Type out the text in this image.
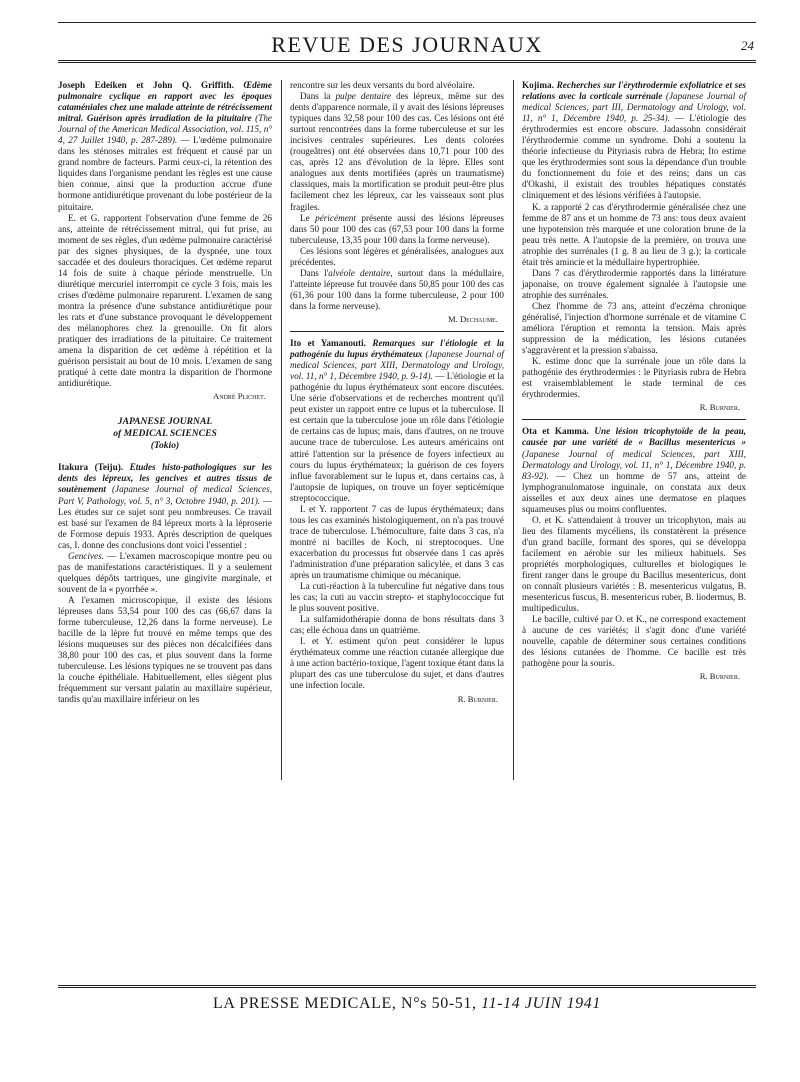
REVUE DES JOURNAUX	24

Joseph Edeiken et John Q. Griffith. Œdème pulmonaire cyclique en rapport avec les époques cataméniales chez une malade atteinte de rétrécissement mitral. Guérison après irradiation de la pituitaire (The Journal of the American Medical Association, vol. 115, n° 4, 27 Juillet 1940, p. 287-289). — L'œdème pulmonaire dans les sténoses mitrales est fréquent et causé par un grand nombre de facteurs. Parmi ceux-ci, la rétention des liquides dans l'organisme pendant les règles est une cause bien connue, ainsi que la production accrue d'une hormone antidiurétique provenant du lobe postérieur de la pituitaire.

E. et G. rapportent l'observation d'une femme de 26 ans, atteinte de rétrécissement mitral, qui fut prise, au moment de ses règles, d'un œdème pulmonaire caractérisé par des signes physiques, de la dyspnée, une toux saccadée et des douleurs thoraciques. Cet œdème reparut 14 fois de suite à chaque période menstruelle. Un diurétique mercuriel interrompit ce cycle 3 fois, mais les crises d'œdème pulmonaire reparurent. L'examen de sang montra la présence d'une substance antidiurétique pour les rats et d'une substance provoquant le développement des mélanophores chez la grenouille. On fit alors pratiquer des irradiations de la pituitaire. Ce traitement amena la disparition de cet œdème à répétition et la guérison persistait au bout de 10 mois. L'examen de sang pratiqué à cette date montra la disparition de l'hormone antidiurétique.

André Plichet.
JAPANESE JOURNAL
of MEDICAL SCIENCES
(Tokio)

Itakura (Teiju). Etudes histo-pathologiques sur les dents des lépreux, les gencives et autres tissus de soutènement (Japanese Journal of medical Sciences, Part V, Pathology, vol. 5, n° 3, Octobre 1940, p. 201). — Les études sur ce sujet sont peu nombreuses. Ce travail est basé sur l'examen de 84 lépreux morts à la léproserie de Formose depuis 1933. Après description de quelques cas, I. donne des conclusions dont voici l'essentiel :

Gencives. — L'examen macroscopique montre peu ou pas de manifestations caractéristiques. Il y a seulement quelques dépôts tartriques, une gingivite marginale, et souvent de la « pyorrhée ».

A l'examen microscopique, il existe des lésions lépreuses dans 53,54 pour 100 des cas (66,67 dans la forme tuberculeuse, 12,26 dans la forme nerveuse). Le bacille de la lèpre fut trouvé en même temps que des lésions muqueuses sur des pièces non décalcifiées dans 38,80 pour 100 des cas, et plus souvent dans la forme tuberculeuse. Les lésions typiques ne se trouvent pas dans la couche épithéliale. Habituellement, elles siègent plus fréquemment sur versant palatin au maxillaire supérieur, tandis qu'au maxillaire inférieur on les

rencontre sur les deux versants du bord alvéolaire.

Dans la pulpe dentaire des lépreux, même sur des dents d'apparence normale, il y avait des lésions lépreuses typiques dans 32,58 pour 100 des cas. Ces lésions ont été surtout rencontrées dans la forme tuberculeuse et sur les incisives centrales supérieures. Les dents colorées (rougeâtres) ont été observées dans 10,71 pour 100 des cas, après 12 ans d'évolution de la lèpre. Elles sont analogues aux dents mortifiées (après un traumatisme) classiques, mais la mortification se produit peut-être plus facilement chez les lépreux, car les vaisseaux sont plus fragiles.

Le péricément présente aussi des lésions lépreuses dans 50 pour 100 des cas (67,53 pour 100 dans la forme tuberculeuse, 13,35 pour 100 dans la forme nerveuse).

Ces lésions sont légères et généralisées, analogues aux précédentes.

Dans l'alvéole dentaire, surtout dans la médullaire, l'atteinte lépreuse fut trouvée dans 50,85 pour 100 des cas (61,36 pour 100 dans la forme tuberculeuse, 2 pour 100 dans la forme nerveuse).

M. Dechaume.

Ito et Yamanouti. Remarques sur l'étiologie et la pathogénie du lupus érythémateux (Japanese Journal of medical Sciences, part XIII, Dermatology and Urology, vol. 11, n° 1, Décembre 1940, p. 9-14). — L'étiologie et la pathogénie du lupus érythémateux sont encore discutées. Une série d'observations et de recherches montrent qu'il peut exister un rapport entre ce lupus et la tuberculose. Il est certain que la tuberculose joue un rôle dans l'étiologie de certains cas de lupus; mais, dans d'autres, on ne trouve aucune trace de tuberculose. Les auteurs américains ont attiré l'attention sur la présence de foyers infectieux au cours du lupus érythémateux; la guérison de ces foyers influe favorablement sur le lupus et, dans certains cas, à l'autopsie de lupiques, on trouve un foyer septicémique streptococcique.

I. et Y. rapportent 7 cas de lupus érythémateux; dans tous les cas examinés histologiquement, on n'a pas trouvé trace de tuberculose. L'hémoculture, faite dans 3 cas, n'a montré ni bacilles de Koch, ni streptocoques. Une exacerbation du processus fut observée dans 1 cas après l'administration d'une préparation salicylée, et dans 3 cas après un traumatisme chimique ou mécanique.

La cuti-réaction à la tuberculine fut négative dans tous les cas; la cuti au vaccin strepto- et staphylococcique fut le plus souvent positive.

La sulfamidothérapie donna de bons résultats dans 3 cas; elle échoua dans un quatrième.

I. et Y. estiment qu'on peut considérer le lupus érythémateux comme une réaction cutanée allergique due à une action bactério-toxique, l'agent toxique étant dans la plupart des cas une tuberculose du sujet, et dans d'autres une infection locale.

R. Burnier.

Kojima. Recherches sur l'érythrodermie exfoliatrice et ses relations avec la corticale surrénale (Japanese Journal of medical Sciences, part III, Dermatology and Urology, vol. 11, n° 1, Décembre 1940, p. 25-34). — L'étiologie des érythrodermies est encore obscure. Jadassohn considérait l'érythrodermie comme un syndrome. Dohi a soutenu la théorie infectieuse du Pityriasis rubra de Hebra; Ito estime que les érythrodermies sont sous la dépendance d'un trouble du fonctionnement du foie et des reins; dans un cas d'Okashi, il existait des troubles hépatiques constatés cliniquement et des lésions vérifiées à l'autopsie.

K. a rapporté 2 cas d'érythrodermie généralisée chez une femme de 87 ans et un homme de 73 ans: tous deux avaient une hypotension très marquée et une coloration brune de la peau très nette. A l'autopsie de la première, on trouva une atrophie des surrénales (1 g. 8 au lieu de 3 g.); la corticale était très amincie et la médullaire hypertrophiée.

Dans 7 cas d'érythrodermie rapportés dans la littérature japonaise, on trouve également signalée à l'autopsie une atrophie des surrénales.

Chez l'homme de 73 ans, atteint d'eczéma chronique généralisé, l'injection d'hormone surrénale et de vitamine C améliora l'éruption et remonta la tension. Mais après suppression de la médication, les lésions cutanées s'aggravèrent et la pression s'abaissa.

K. estime donc que la surrénale joue un rôle dans la pathogénie des érythrodermies : le Pityriasis rubra de Hebra est vraisemblablement le stade terminal de ces érythrodermies.

R. Burnier.

Ota et Kamma. Une lésion tricophytoïde de la peau, causée par une variété de « Bacillus mesentericus » (Japanese Journal of medical Sciences, part XIII, Dermatology and Urology, vol. 11, n° 1, Décembre 1940, p. 83-92). — Chez un homme de 57 ans, atteint de lymphogranulomatose inguinale, on constata aux deux aisselles et aux deux aines une dermatose en plaques squameuses plus ou moins confluentes.

O. et K. s'attendaient à trouver un tricophyton, mais au lieu des filaments mycéliens, ils constatèrent la présence d'un grand bacille, formant des spores, qui se développa facilement en aérobie sur les milieux habituels. Ses propriétés morphologiques, culturelles et biologiques le firent ranger dans le groupe du Bacillus mesentericus, dont on connaît plusieurs variétés : B. mesentericus vulgatus, B. mesentericus fuscus, B. mesentericus ruber, B. liodermus, B. multipediculus.

Le bacille, cultivé par O. et K., ne correspond exactement à aucune de ces variétés; il s'agit donc d'une variété nouvelle, capable de déterminer sous certaines conditions des lésions cutanées de l'homme. Ce bacille est très pathogène pour la souris.

R. Burnier.
LA PRESSE MEDICALE, N°s 50-51, 11-14 JUIN 1941
